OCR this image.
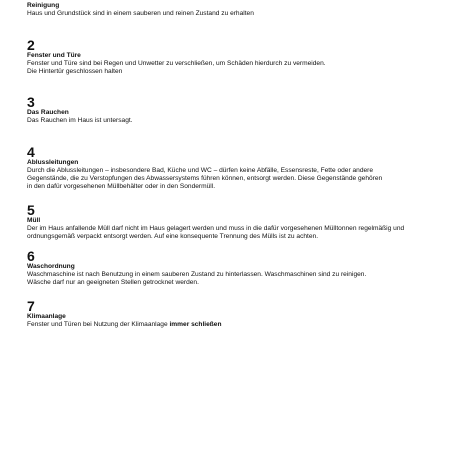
Reinigung

Haus und Grundstück sind in einem sauberen und reinen Zustand zu erhalten

2

Fenster und Türe

Fenster und Türe sind bei Regen und Unwetter zu verschließen, um Schäden hierdurch zu vermeiden.
Die Hintertür geschlossen halten

3

Das Rauchen

Das Rauchen im Haus ist untersagt.

4

Ablussleitungen

Durch die Ablussleitungen – insbesondere Bad, Küche und WC – dürfen keine Abfälle, Essensreste, Fette oder andere
Gegenstände, die zu Verstopfungen des Abwassersystems führen können, entsorgt werden. Diese Gegenstände gehören
in den dafür vorgesehenen Müllbehälter oder in den Sondermüll.

5

Müll

Der im Haus anfallende Müll darf nicht im Haus gelagert werden und muss in die dafür vorgesehenen Mülltonnen regelmäßig und
ordnungsgemäß verpackt entsorgt werden. Auf eine konsequente Trennung des Mülls ist zu achten.

6

Waschordnung

Waschmaschine ist nach Benutzung in einem sauberen Zustand zu hinterlassen. Waschmaschinen sind zu reinigen.
Wäsche darf nur an geeigneten Stellen getrocknet werden.

7

Klimaanlage

Fenster und Türen bei Nutzung der Klimaanlage immer schließen
